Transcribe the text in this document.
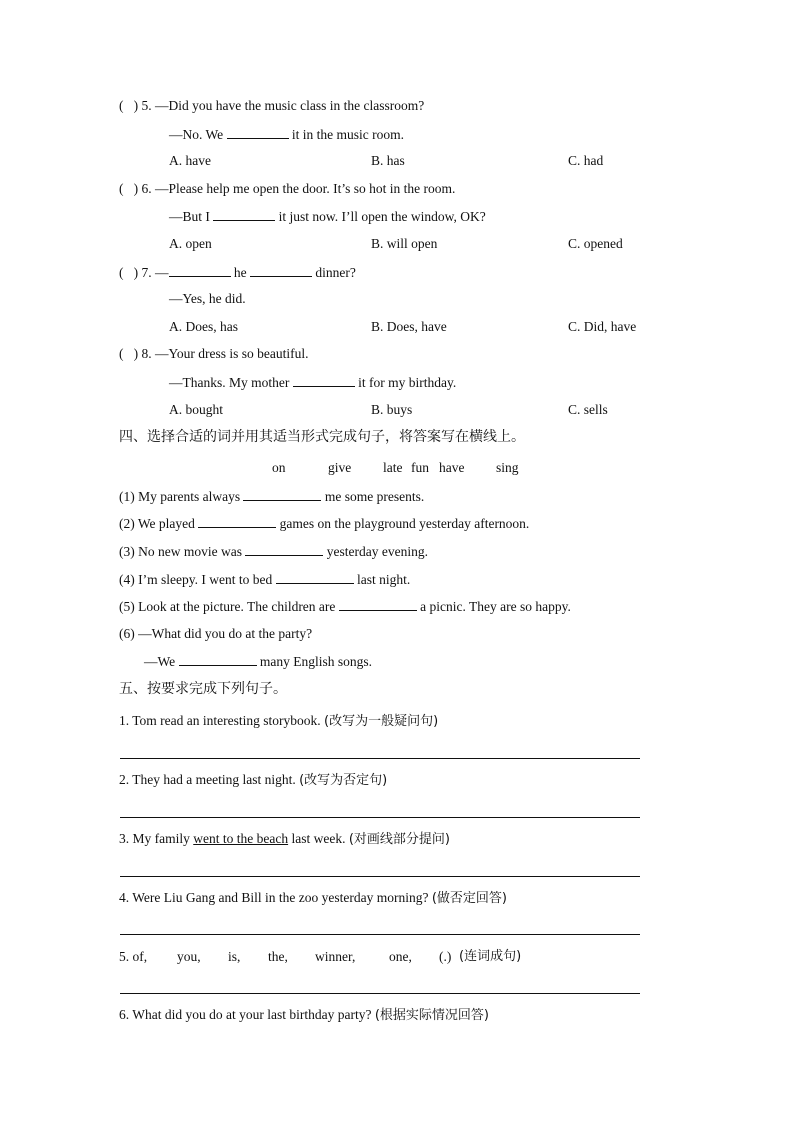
(   ) 5. —Did you have the music class in the classroom?
—No. We	it in the music room.
A. have	B. has	C. had
(   ) 6. —Please help me open the door. It’s so hot in the room.
—But I	it just now. I’ll open the window, OK?
A. open	B. will open	C. opened
(   ) 7. —	he	dinner?
—Yes, he did.
A. Does, has	B. Does, have	C. Did, have
(   ) 8. —Your dress is so beautiful.
—Thanks. My mother	it for my birthday.
A. bought	B. buys	C. sells
四、选择合适的词并用其适当形式完成句子，将答案写在横线上。
on	give late fun have sing
(1) My parents always	me some presents.
(2) We played	games on the playground yesterday afternoon.
(3) No new movie was	yesterday evening.
(4) I’m sleepy. I went to bed	last night.
(5) Look at the picture. The children are	a picnic. They are so happy.
(6) —What did you do at the party?
—We	many English songs.
五、按要求完成下列句子。
1. Tom read an interesting storybook. (改写为一般疑问句)
2. They had a meeting last night. (改写为否定句)
3. My family went to the beach last week. (对画线部分提问)
4. Were Liu Gang and Bill in the zoo yesterday morning? (做否定回答)
5. of, you, is, the, winner, one, (.) (连词成句)
6. What did you do at your last birthday party? (根据实际情况回答)
